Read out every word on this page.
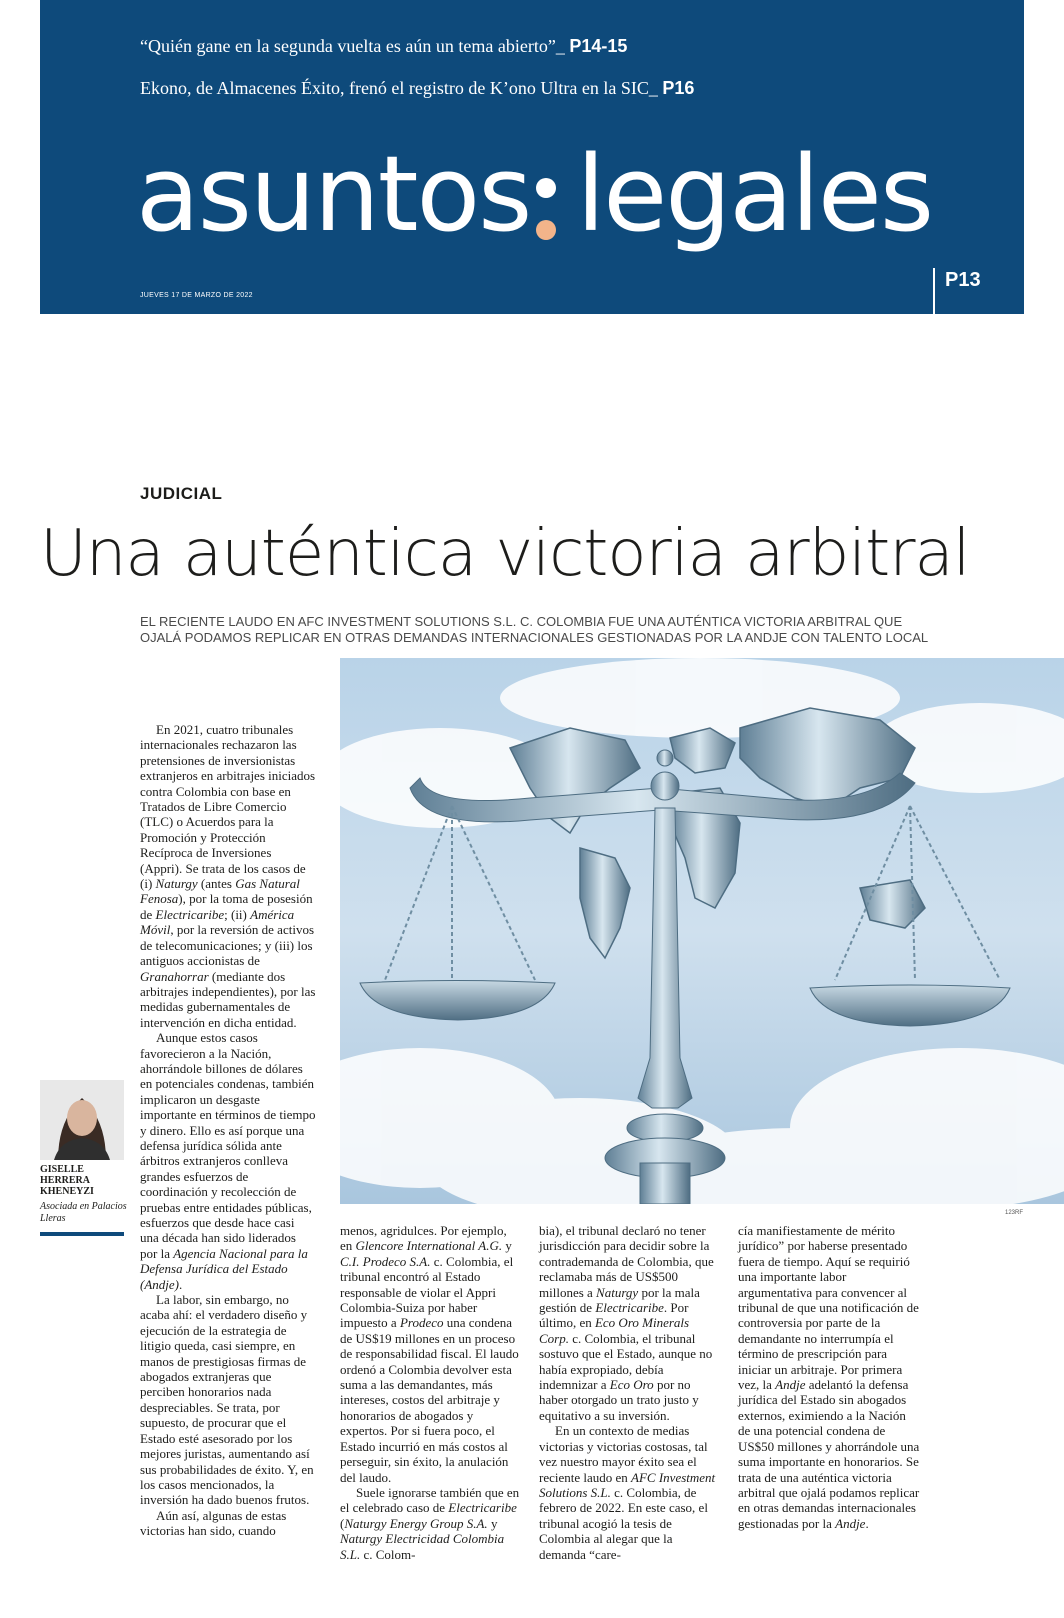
“Quién gane en la segunda vuelta es aún un tema abierto”_ P14-15
Ekono, de Almacenes Éxito, frenó el registro de K’ono Ultra en la SIC_ P16
asuntos legales
JUEVES 17 DE MARZO DE 2022
P13
JUDICIAL
Una auténtica victoria arbitral
EL RECIENTE LAUDO EN AFC INVESTMENT SOLUTIONS S.L. C. COLOMBIA FUE UNA AUTÉNTICA VICTORIA ARBITRAL QUE OJALÁ PODAMOS REPLICAR EN OTRAS DEMANDAS INTERNACIONALES GESTIONADAS POR LA ANDJE CON TALENTO LOCAL
123RF
GISELLE HERRERA KHENEYZI
Asociada en Palacios Lleras

En 2021, cuatro tribunales internacionales rechazaron las pretensiones de inversionistas extranjeros en arbitrajes iniciados contra Colombia con base en Tratados de Libre Comercio (TLC) o Acuerdos para la Promoción y Protección Recíproca de Inversiones (Appri). Se trata de los casos de (i) Naturgy (antes Gas Natural Fenosa), por la toma de posesión de Electricaribe; (ii) América Móvil, por la reversión de activos de telecomunicaciones; y (iii) los antiguos accionistas de Granahorrar (mediante dos arbitrajes independientes), por las medidas gubernamentales de intervención en dicha entidad.

Aunque estos casos favorecieron a la Nación, ahorrándole billones de dólares en potenciales condenas, también implicaron un desgaste importante en términos de tiempo y dinero. Ello es así porque una defensa jurídica sólida ante árbitros extranjeros conlleva grandes esfuerzos de coordinación y recolección de pruebas entre entidades públicas, esfuerzos que desde hace casi una década han sido liderados por la Agencia Nacional para la Defensa Jurídica del Estado (Andje).

La labor, sin embargo, no acaba ahí: el verdadero diseño y ejecución de la estrategia de litigio queda, casi siempre, en manos de prestigiosas firmas de abogados extranjeras que perciben honorarios nada despreciables. Se trata, por supuesto, de procurar que el Estado esté asesorado por los mejores juristas, aumentando así sus probabilidades de éxito. Y, en los casos mencionados, la inversión ha dado buenos frutos.

Aún así, algunas de estas victorias han sido, cuando

menos, agridulces. Por ejemplo, en Glencore International A.G. y C.I. Prodeco S.A. c. Colombia, el tribunal encontró al Estado responsable de violar el Appri Colombia-Suiza por haber impuesto a Prodeco una condena de US$19 millones en un proceso de responsabilidad fiscal. El laudo ordenó a Colombia devolver esta suma a las demandantes, más intereses, costos del arbitraje y honorarios de abogados y expertos. Por si fuera poco, el Estado incurrió en más costos al perseguir, sin éxito, la anulación del laudo.

Suele ignorarse también que en el celebrado caso de Electricaribe (Naturgy Energy Group S.A. y Naturgy Electricidad Colombia S.L. c. Colom-

bia), el tribunal declaró no tener jurisdicción para decidir sobre la contrademanda de Colombia, que reclamaba más de US$500 millones a Naturgy por la mala gestión de Electricaribe. Por último, en Eco Oro Minerals Corp. c. Colombia, el tribunal sostuvo que el Estado, aunque no había expropiado, debía indemnizar a Eco Oro por no haber otorgado un trato justo y equitativo a su inversión.

En un contexto de medias victorias y victorias costosas, tal vez nuestro mayor éxito sea el reciente laudo en AFC Investment Solutions S.L. c. Colombia, de febrero de 2022. En este caso, el tribunal acogió la tesis de Colombia al alegar que la demanda “care-

cía manifiestamente de mérito jurídico” por haberse presentado fuera de tiempo. Aquí se requirió una importante labor argumentativa para convencer al tribunal de que una notificación de controversia por parte de la demandante no interrumpía el término de prescripción para iniciar un arbitraje. Por primera vez, la Andje adelantó la defensa jurídica del Estado sin abogados externos, eximiendo a la Nación de una potencial condena de US$50 millones y ahorrándole una suma importante en honorarios. Se trata de una auténtica victoria arbitral que ojalá podamos replicar en otras demandas internacionales gestionadas por la Andje.
